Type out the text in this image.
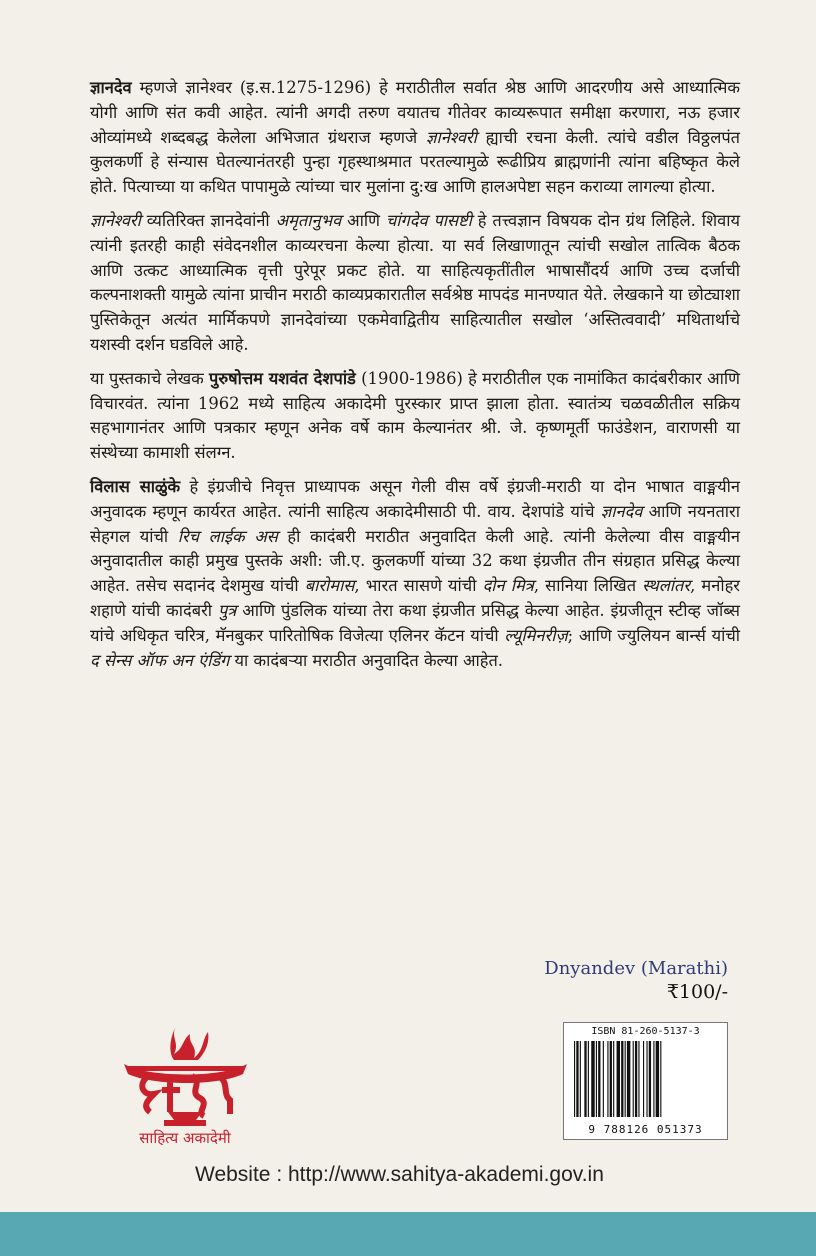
ज्ञानदेव म्हणजे ज्ञानेश्वर (इ.स.1275-1296) हे मराठीतील सर्वात श्रेष्ठ आणि आदरणीय असे आध्यात्मिक योगी आणि संत कवी आहेत. त्यांनी अगदी तरुण वयातच गीतेवर काव्यरूपात समीक्षा करणारा, नऊ हजार ओव्यांमध्ये शब्दबद्ध केलेला अभिजात ग्रंथराज म्हणजे ज्ञानेश्वरी ह्याची रचना केली. त्यांचे वडील विठ्ठलपंत कुलकर्णी हे संन्यास घेतल्यानंतरही पुन्हा गृहस्थाश्रमात परतल्यामुळे रूढीप्रिय ब्राह्मणांनी त्यांना बहिष्कृत केले होते. पित्याच्या या कथित पापामुळे त्यांच्या चार मुलांना दु:ख आणि हालअपेष्टा सहन कराव्या लागल्या होत्या.

ज्ञानेश्वरी व्यतिरिक्त ज्ञानदेवांनी अमृतानुभव आणि चांगदेव पासष्टी हे तत्त्वज्ञान विषयक दोन ग्रंथ लिहिले. शिवाय त्यांनी इतरही काही संवेदनशील काव्यरचना केल्या होत्या. या सर्व लिखाणातून त्यांची सखोल तात्विक बैठक आणि उत्कट आध्यात्मिक वृत्ती पुरेपूर प्रकट होते. या साहित्यकृतींतील भाषासौंदर्य आणि उच्च दर्जाची कल्पनाशक्ती यामुळे त्यांना प्राचीन मराठी काव्यप्रकारातील सर्वश्रेष्ठ मापदंड मानण्यात येते. लेखकाने या छोट्याशा पुस्तिकेतून अत्यंत मार्मिकपणे ज्ञानदेवांच्या एकमेवाद्वितीय साहित्यातील सखोल ‘अस्तित्ववादी’ मथितार्थाचे यशस्वी दर्शन घडविले आहे.

या पुस्तकाचे लेखक पुरुषोत्तम यशवंत देशपांडे (1900-1986) हे मराठीतील एक नामांकित कादंबरीकार आणि विचारवंत. त्यांना 1962 मध्ये साहित्य अकादेमी पुरस्कार प्राप्त झाला होता. स्वातंत्र्य चळवळीतील सक्रिय सहभागानंतर आणि पत्रकार म्हणून अनेक वर्षे काम केल्यानंतर श्री. जे. कृष्णमूर्ती फाउंडेशन, वाराणसी या संस्थेच्या कामाशी संलग्न.

विलास साळुंके हे इंग्रजीचे निवृत्त प्राध्यापक असून गेली वीस वर्षे इंग्रजी-मराठी या दोन भाषात वाङ्मयीन अनुवादक म्हणून कार्यरत आहेत. त्यांनी साहित्य अकादेमीसाठी पी. वाय. देशपांडे यांचे ज्ञानदेव आणि नयनतारा सेहगल यांची रिच लाईक अस ही कादंबरी मराठीत अनुवादित केली आहे. त्यांनी केलेल्या वीस वाङ्मयीन अनुवादातील काही प्रमुख पुस्तके अशी: जी.ए. कुलकर्णी यांच्या 32 कथा इंग्रजीत तीन संग्रहात प्रसिद्ध केल्या आहेत. तसेच सदानंद देशमुख यांची बारोमास, भारत सासणे यांची दोन मित्र, सानिया लिखित स्थलांतर, मनोहर शहाणे यांची कादंबरी पुत्र आणि पुंडलिक यांच्या तेरा कथा इंग्रजीत प्रसिद्ध केल्या आहेत. इंग्रजीतून स्टीव्ह जॉब्स यांचे अधिकृत चरित्र, मॅनबुकर पारितोषिक विजेत्या एलिनर कॅटन यांची ल्यूमिनरीज़; आणि ज्युलियन बार्न्स यांची द सेन्स ऑफ अन एंडिंग या कादंबऱ्या मराठीत अनुवादित केल्या आहेत.

Dnyandev (Marathi)
₹100/-
ISBN 81-260-5137-3
9 788126 051373
साहित्य अकादेमी
Website : http://www.sahitya-akademi.gov.in
